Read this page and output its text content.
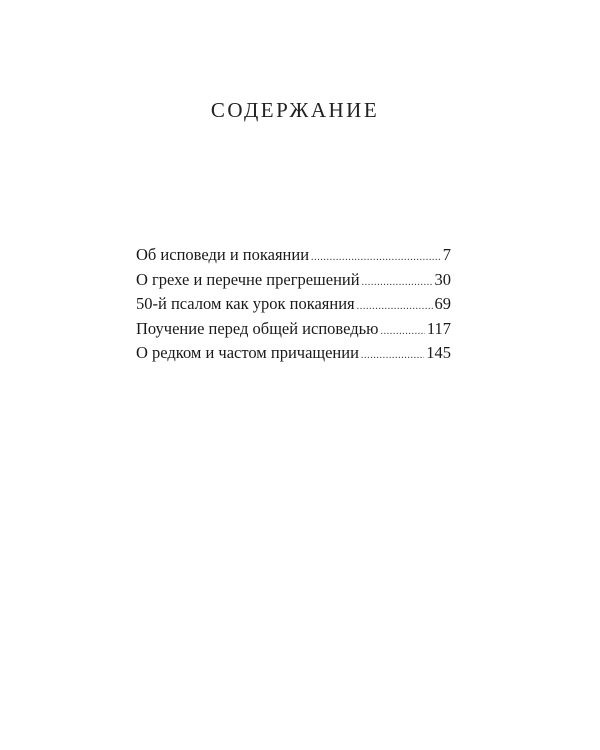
СОДЕРЖАНИЕ
Об исповеди и покаянии .....	7
О грехе и перечне прегрешений .....	30
50-й псалом как урок покаяния .....	69
Поучение перед общей исповедью .....	117
О редком и частом причащении .....	145
